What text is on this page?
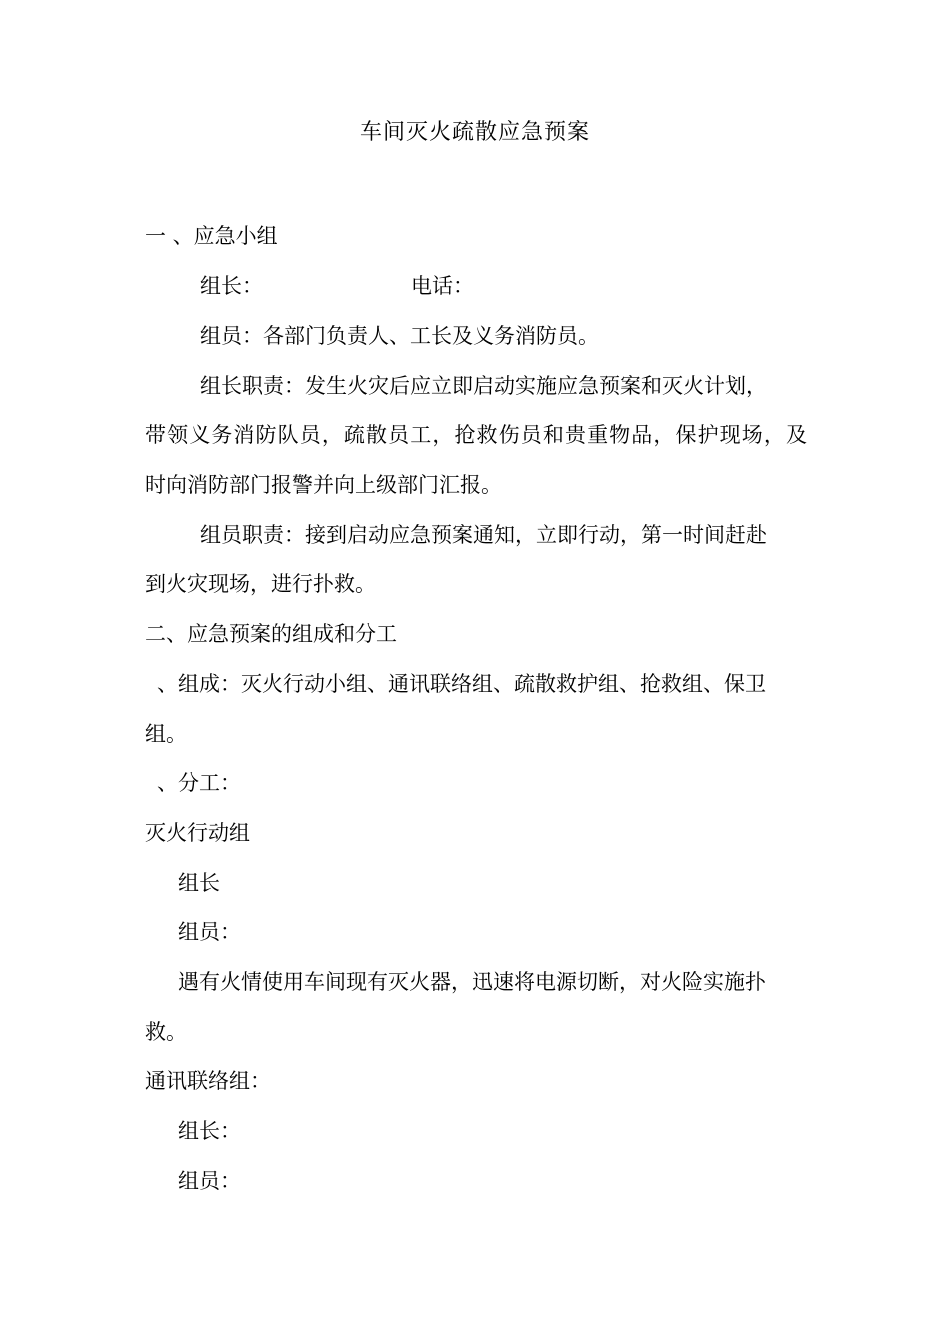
车间灭火疏散应急预案
一 、应急小组
组长：	电话：
组员：各部门负责人、工长及义务消防员。
组长职责：发生火灾后应立即启动实施应急预案和灭火计划，
带领义务消防队员，疏散员工，抢救伤员和贵重物品，保护现场，及
时向消防部门报警并向上级部门汇报。
组员职责：接到启动应急预案通知，立即行动，第一时间赶赴
到火灾现场，进行扑救。
二、应急预案的组成和分工
、组成：灭火行动小组、通讯联络组、疏散救护组、抢救组、保卫
组。
、分工：
灭火行动组
组长
组员：
遇有火情使用车间现有灭火器，迅速将电源切断，对火险实施扑
救。
通讯联络组：
组长：
组员：
